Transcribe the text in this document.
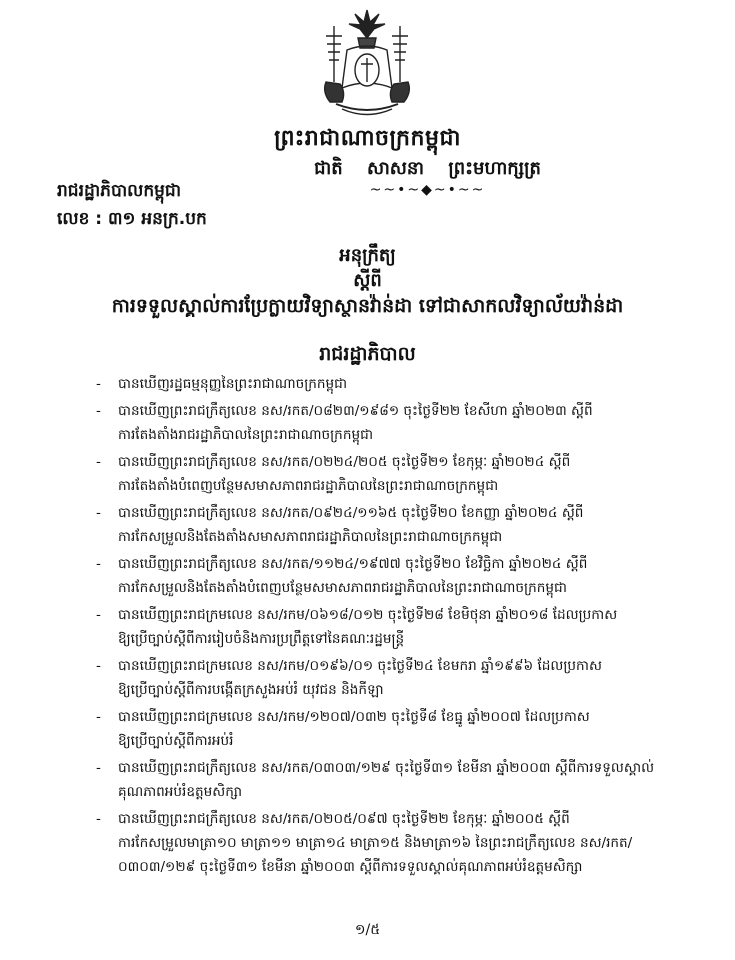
ព្រះរាជាណាចក្រកម្ពុជា
ជាតិ សាសនា ព្រះមហាក្សត្រ
~~•~◆~•~~
រាជរដ្ឋាភិបាលកម្ពុជា
លេខ : ៣១ អនក្រ.បក
អនុក្រឹត្យ
ស្តីពី
ការទទួលស្គាល់ការប្រែក្លាយវិទ្យាស្ថានវ៉ាន់ដា ទៅជាសាកលវិទ្យាល័យវ៉ាន់ដា
រាជរដ្ឋាភិបាល
- បានឃើញរដ្ឋធម្មនុញ្ញនៃព្រះរាជាណាចក្រកម្ពុជា
- បានឃើញព្រះរាជក្រឹត្យលេខ នស/រកត/០៨២៣/១៩៨១ ចុះថ្ងៃទី២២ ខែសីហា ឆ្នាំ២០២៣ ស្តីពី
ការតែងតាំងរាជរដ្ឋាភិបាលនៃព្រះរាជាណាចក្រកម្ពុជា
- បានឃើញព្រះរាជក្រឹត្យលេខ នស/រកត/០២២៤/២០៥ ចុះថ្ងៃទី២១ ខែកុម្ភៈ ឆ្នាំ២០២៤ ស្តីពី
ការតែងតាំងបំពេញបន្ថែមសមាសភាពរាជរដ្ឋាភិបាលនៃព្រះរាជាណាចក្រកម្ពុជា
- បានឃើញព្រះរាជក្រឹត្យលេខ នស/រកត/០៩២៤/១១៦៥ ចុះថ្ងៃទី២០ ខែកញ្ញា ឆ្នាំ២០២៤ ស្តីពី
ការកែសម្រួលនិងតែងតាំងសមាសភាពរាជរដ្ឋាភិបាលនៃព្រះរាជាណាចក្រកម្ពុជា
- បានឃើញព្រះរាជក្រឹត្យលេខ នស/រកត/១១២៤/១៩៧៧ ចុះថ្ងៃទី២០ ខែវិច្ឆិកា ឆ្នាំ២០២៤ ស្តីពី
ការកែសម្រួលនិងតែងតាំងបំពេញបន្ថែមសមាសភាពរាជរដ្ឋាភិបាលនៃព្រះរាជាណាចក្រកម្ពុជា
- បានឃើញព្រះរាជក្រមលេខ នស/រកម/០៦១៨/០១២ ចុះថ្ងៃទី២៨ ខែមិថុនា ឆ្នាំ២០១៨ ដែលប្រកាស
ឱ្យប្រើច្បាប់ស្តីពីការរៀបចំនិងការប្រព្រឹត្តទៅនៃគណៈរដ្ឋមន្ត្រី
- បានឃើញព្រះរាជក្រមលេខ នស/រកម/០១៩៦/០១ ចុះថ្ងៃទី២៤ ខែមករា ឆ្នាំ១៩៩៦ ដែលប្រកាស
ឱ្យប្រើច្បាប់ស្តីពីការបង្កើតក្រសួងអប់រំ យុវជន និងកីឡា
- បានឃើញព្រះរាជក្រមលេខ នស/រកម/១២០៧/០៣២ ចុះថ្ងៃទី៨ ខែធ្នូ ឆ្នាំ២០០៧ ដែលប្រកាស
ឱ្យប្រើច្បាប់ស្តីពីការអប់រំ
- បានឃើញព្រះរាជក្រឹត្យលេខ នស/រកត/០៣០៣/១២៩ ចុះថ្ងៃទី៣១ ខែមីនា ឆ្នាំ២០០៣ ស្តីពីការទទួលស្គាល់
គុណភាពអប់រំឧត្តមសិក្សា
- បានឃើញព្រះរាជក្រឹត្យលេខ នស/រកត/០២០៥/០៩៧ ចុះថ្ងៃទី២២ ខែកុម្ភៈ ឆ្នាំ២០០៥ ស្តីពី
ការកែសម្រួលមាត្រា១០ មាត្រា១១ មាត្រា១៤ មាត្រា១៥ និងមាត្រា១៦ នៃព្រះរាជក្រឹត្យលេខ នស/រកត/
០៣០៣/១២៩ ចុះថ្ងៃទី៣១ ខែមីនា ឆ្នាំ២០០៣ ស្តីពីការទទួលស្គាល់គុណភាពអប់រំឧត្តមសិក្សា
១/៥
